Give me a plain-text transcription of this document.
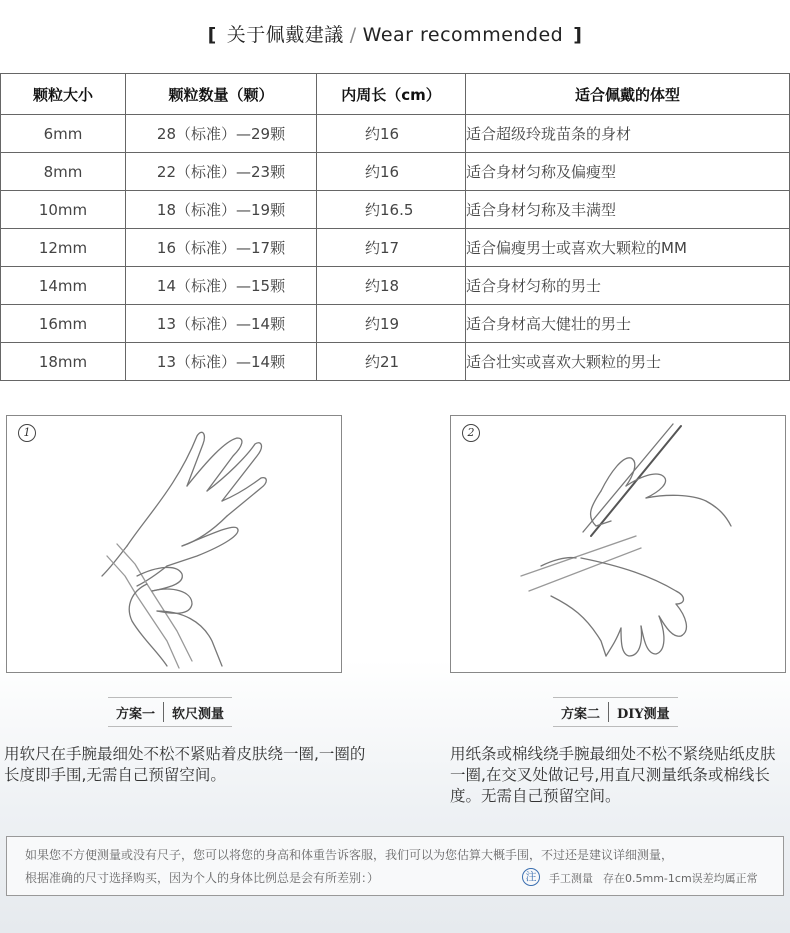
[ 关于佩戴建議 / Wear recommended ]
颗粒大小	颗粒数量（颗）	内周长（cm）	适合佩戴的体型
6mm	28（标准）—29颗	约16	适合超级玲珑苗条的身材
8mm	22（标准）—23颗	约16	适合身材匀称及偏瘦型
10mm	18（标准）—19颗	约16.5	适合身材匀称及丰满型
12mm	16（标准）—17颗	约17	适合偏瘦男士或喜欢大颗粒的MM
14mm	14（标准）—15颗	约18	适合身材匀称的男士
16mm	13（标准）—14颗	约19	适合身材高大健壮的男士
18mm	13（标准）—14颗	约21	适合壮实或喜欢大颗粒的男士
1	2
方案一	软尺测量	方案二	DIY测量
用软尺在手腕最细处不松不紧贴着皮肤绕一圈,一圈的长度即手围,无需自己预留空间。
用纸条或棉线绕手腕最细处不松不紧绕贴纸皮肤一圈,在交叉处做记号,用直尺测量纸条或棉线长度。无需自己预留空间。
如果您不方便测量或没有尺子，您可以将您的身高和体重告诉客服，我们可以为您估算大概手围，不过还是建议详细测量，
根据准确的尺寸选择购买，因为个人的身体比例总是会有所差别：）	注	手工测量 存在0.5mm-1cm误差均属正常
